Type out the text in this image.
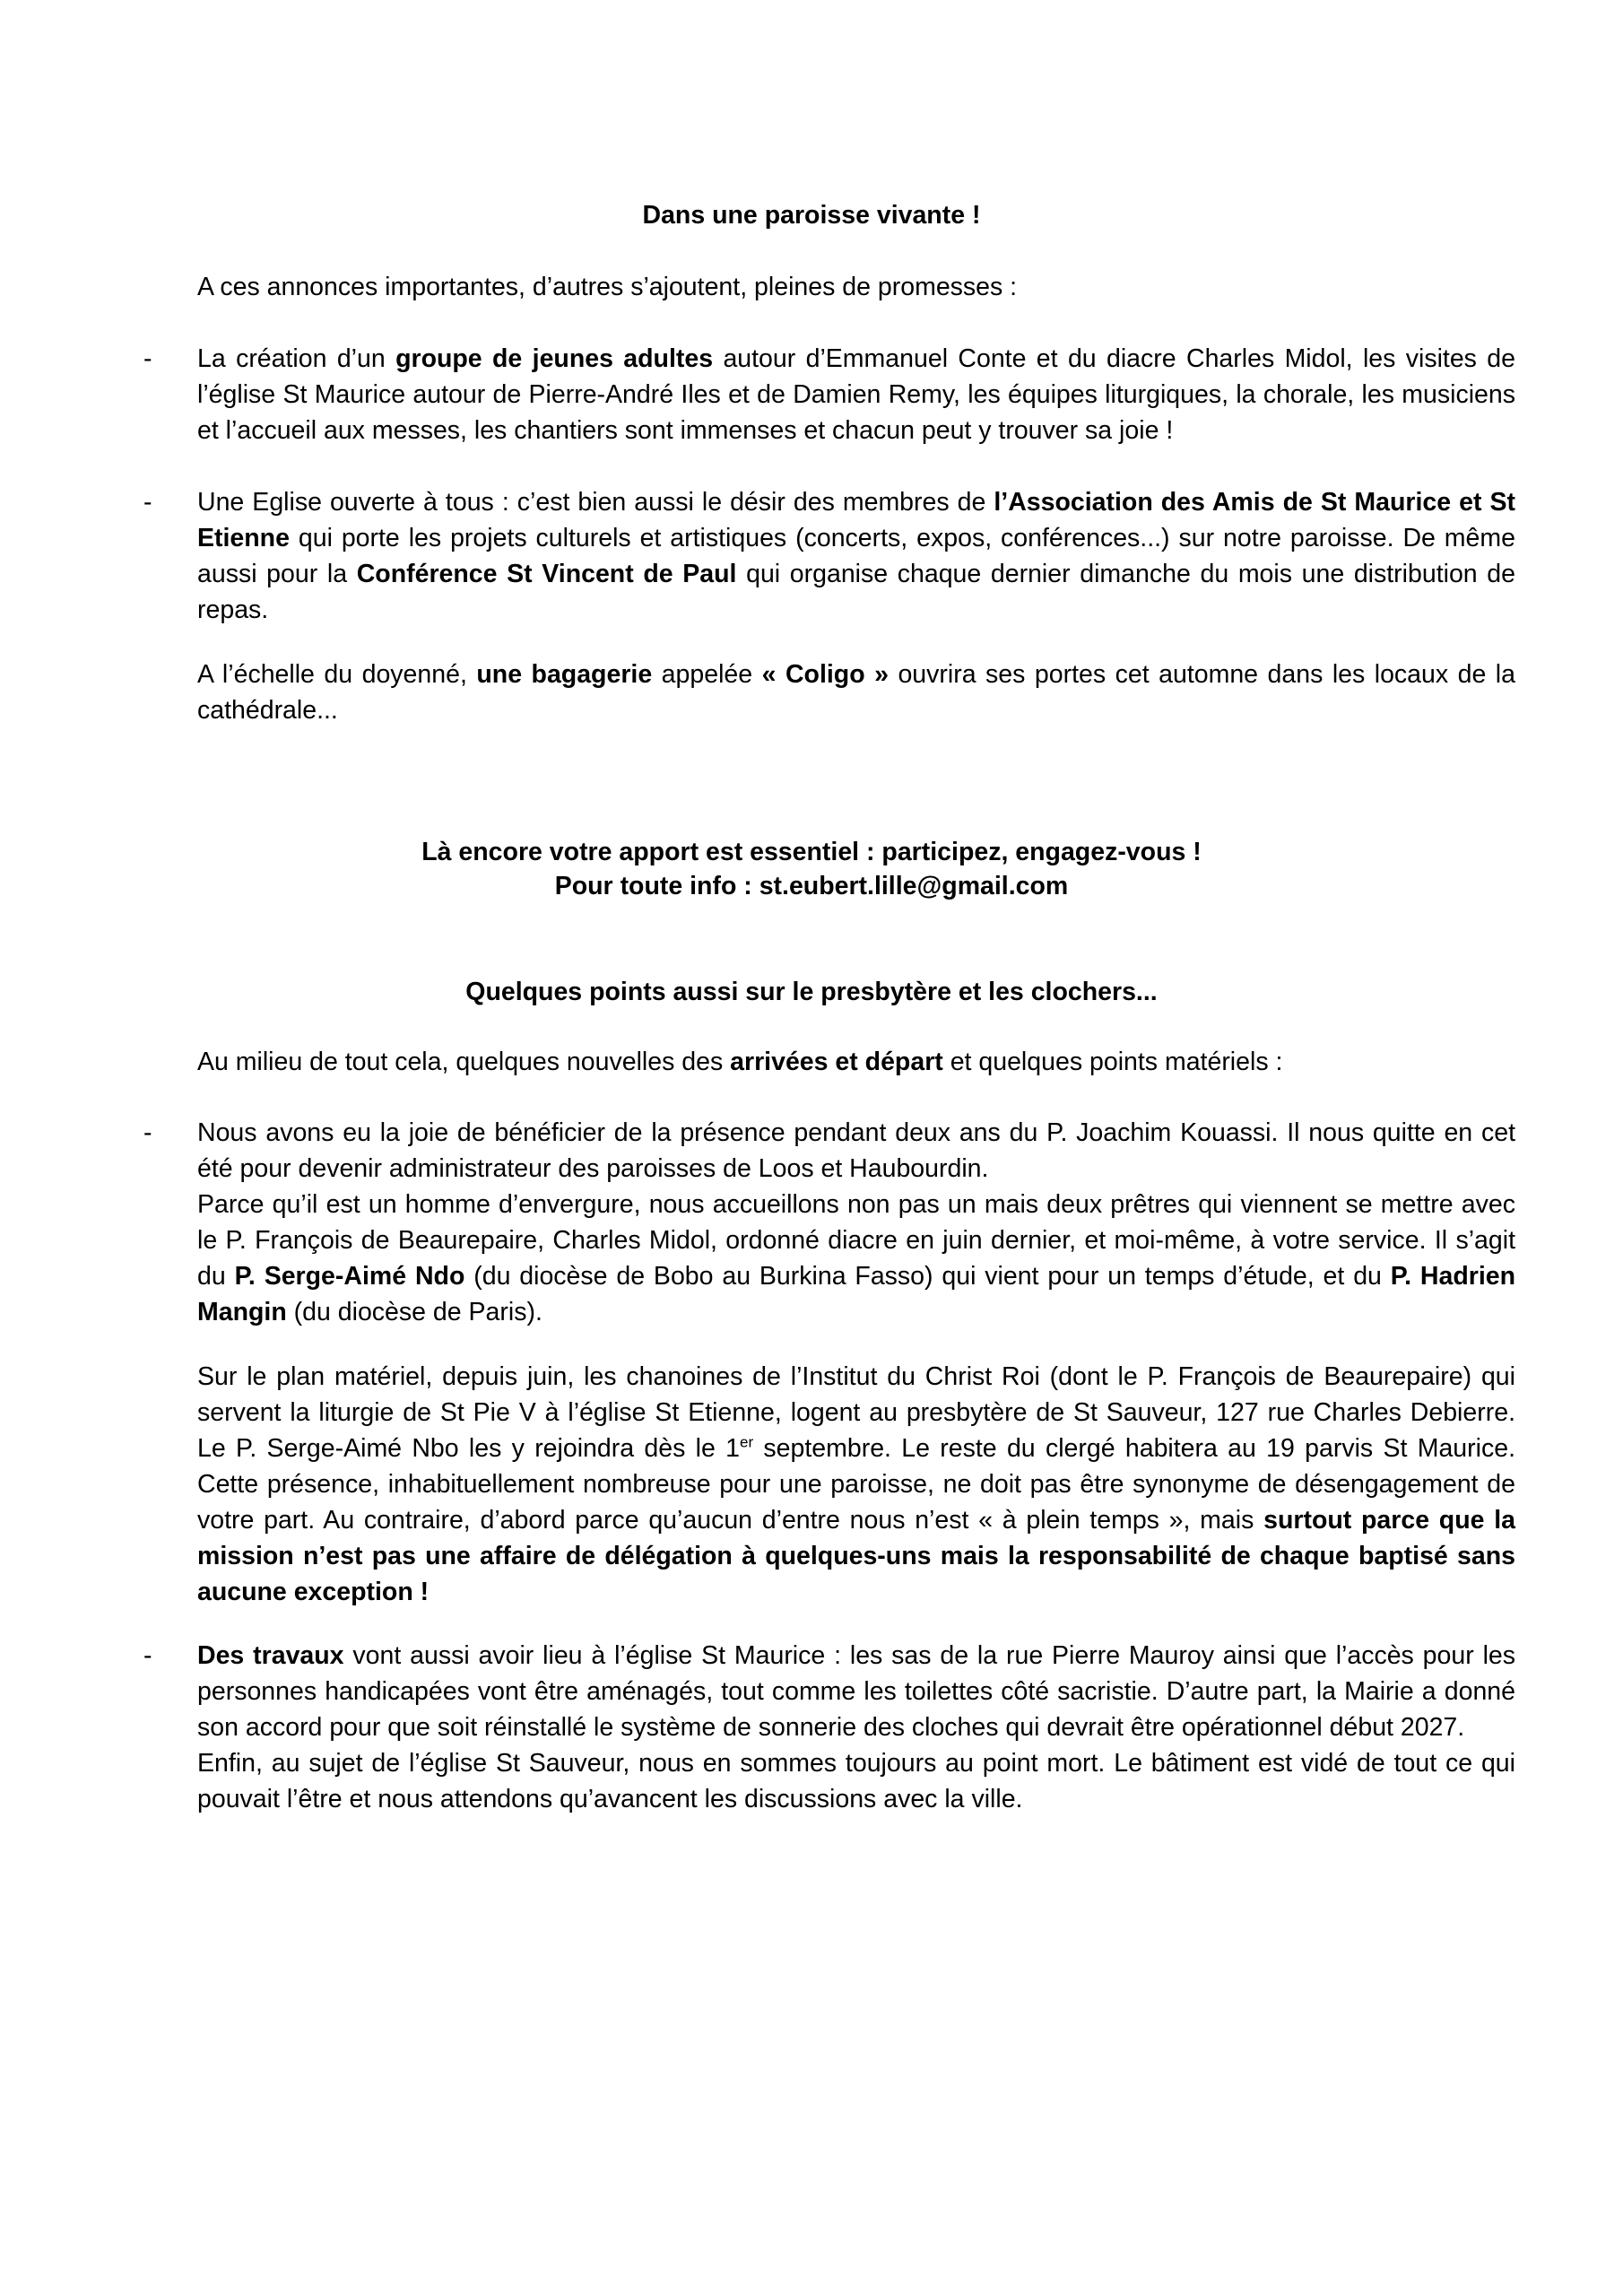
Dans une paroisse vivante !

A ces annonces importantes, d’autres s’ajoutent, pleines de promesses :

- La création d’un groupe de jeunes adultes autour d’Emmanuel Conte et du diacre Charles Midol, les visites de l’église St Maurice autour de Pierre-André Iles et de Damien Remy, les équipes liturgiques, la chorale, les musiciens et l’accueil aux messes, les chantiers sont immenses et chacun peut y trouver sa joie !

- Une Eglise ouverte à tous : c’est bien aussi le désir des membres de l’Association des Amis de St Maurice et St Etienne qui porte les projets culturels et artistiques (concerts, expos, conférences...) sur notre paroisse. De même aussi pour la Conférence St Vincent de Paul qui organise chaque dernier dimanche du mois une distribution de repas.

A l’échelle du doyenné, une bagagerie appelée « Coligo » ouvrira ses portes cet automne dans les locaux de la cathédrale...

Là encore votre apport est essentiel : participez, engagez-vous !

Pour toute info : st.eubert.lille@gmail.com

Quelques points aussi sur le presbytère et les clochers...

Au milieu de tout cela, quelques nouvelles des arrivées et départ et quelques points matériels :

- Nous avons eu la joie de bénéficier de la présence pendant deux ans du P. Joachim Kouassi. Il nous quitte en cet été pour devenir administrateur des paroisses de Loos et Haubourdin.
Parce qu’il est un homme d’envergure, nous accueillons non pas un mais deux prêtres qui viennent se mettre avec le P. François de Beaurepaire, Charles Midol, ordonné diacre en juin dernier, et moi-même, à votre service. Il s’agit du P. Serge-Aimé Ndo (du diocèse de Bobo au Burkina Fasso) qui vient pour un temps d’étude, et du P. Hadrien Mangin (du diocèse de Paris).

Sur le plan matériel, depuis juin, les chanoines de l’Institut du Christ Roi (dont le P. François de Beaurepaire) qui servent la liturgie de St Pie V à l’église St Etienne, logent au presbytère de St Sauveur, 127 rue Charles Debierre. Le P. Serge-Aimé Nbo les y rejoindra dès le 1er septembre. Le reste du clergé habitera au 19 parvis St Maurice. Cette présence, inhabituellement nombreuse pour une paroisse, ne doit pas être synonyme de désengagement de votre part. Au contraire, d’abord parce qu’aucun d’entre nous n’est « à plein temps », mais surtout parce que la mission n’est pas une affaire de délégation à quelques-uns mais la responsabilité de chaque baptisé sans aucune exception !

- Des travaux vont aussi avoir lieu à l’église St Maurice : les sas de la rue Pierre Mauroy ainsi que l’accès pour les personnes handicapées vont être aménagés, tout comme les toilettes côté sacristie. D’autre part, la Mairie a donné son accord pour que soit réinstallé le système de sonnerie des cloches qui devrait être opérationnel début 2027.
Enfin, au sujet de l’église St Sauveur, nous en sommes toujours au point mort. Le bâtiment est vidé de tout ce qui pouvait l’être et nous attendons qu’avancent les discussions avec la ville.
